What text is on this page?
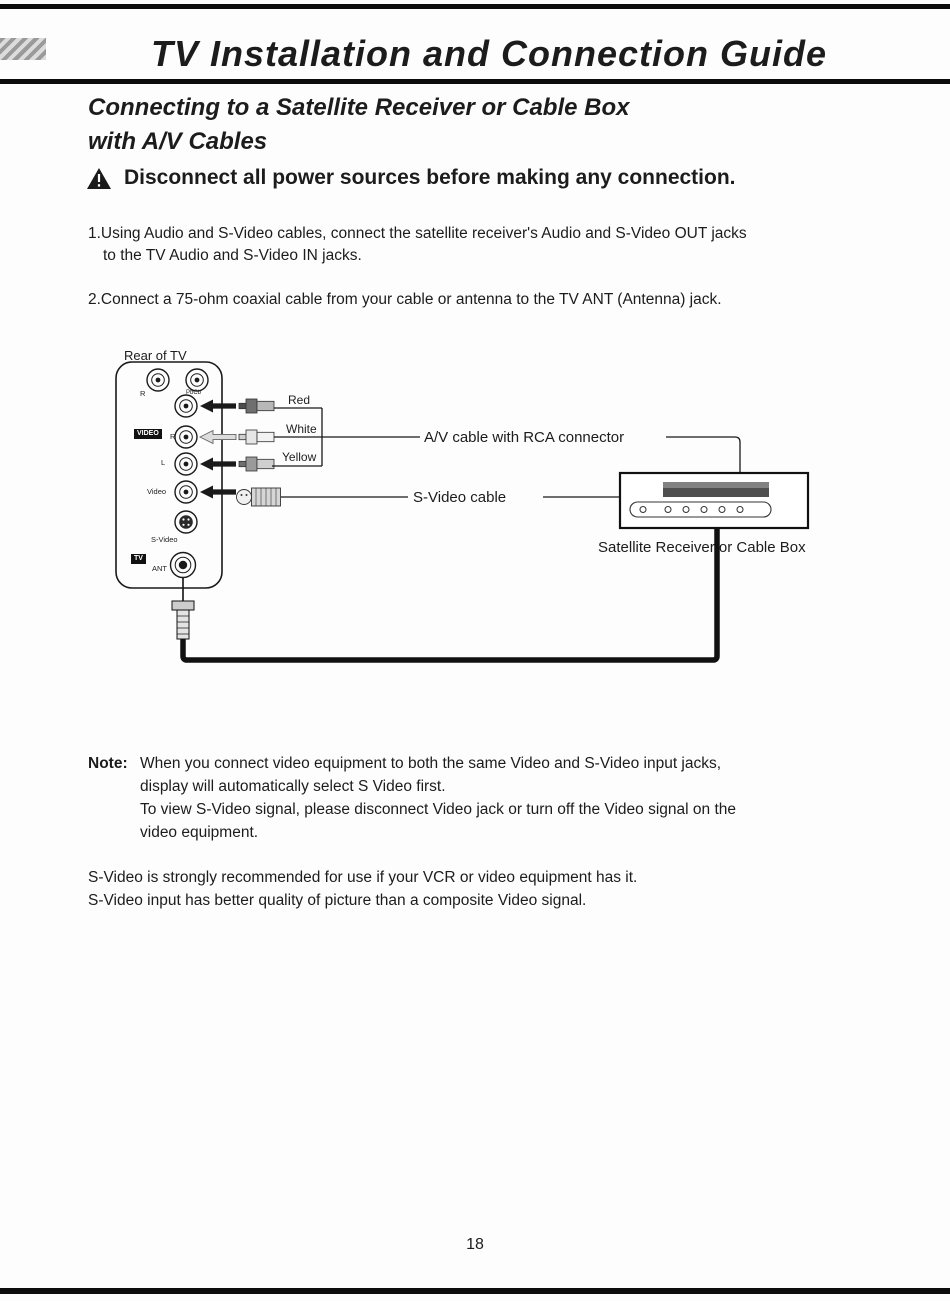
TV Installation and Connection Guide
Connecting to a Satellite Receiver or Cable Box
with A/V Cables
Disconnect all power sources before making any connection.
1.Using Audio and S-Video cables, connect the satellite receiver's Audio and S-Video OUT jacks
to the TV Audio and S-Video IN jacks.
2.Connect a 75-ohm coaxial cable from your cable or antenna to the TV ANT (Antenna) jack.
Rear of TV
R	PbCb
VIDEO	R
L
Video
S-Video
TV
ANT
Red
White
Yellow
A/V cable with RCA connector
S-Video cable
Satellite Receiver or Cable Box
Note: When you connect video equipment to both the same Video and S-Video input jacks,
display will automatically select S Video first.
To view S-Video signal, please disconnect Video jack or turn off the Video signal on the
video equipment.
S-Video is strongly recommended for use if your VCR or video equipment has it.
S-Video input has better quality of picture than a composite Video signal.
18
